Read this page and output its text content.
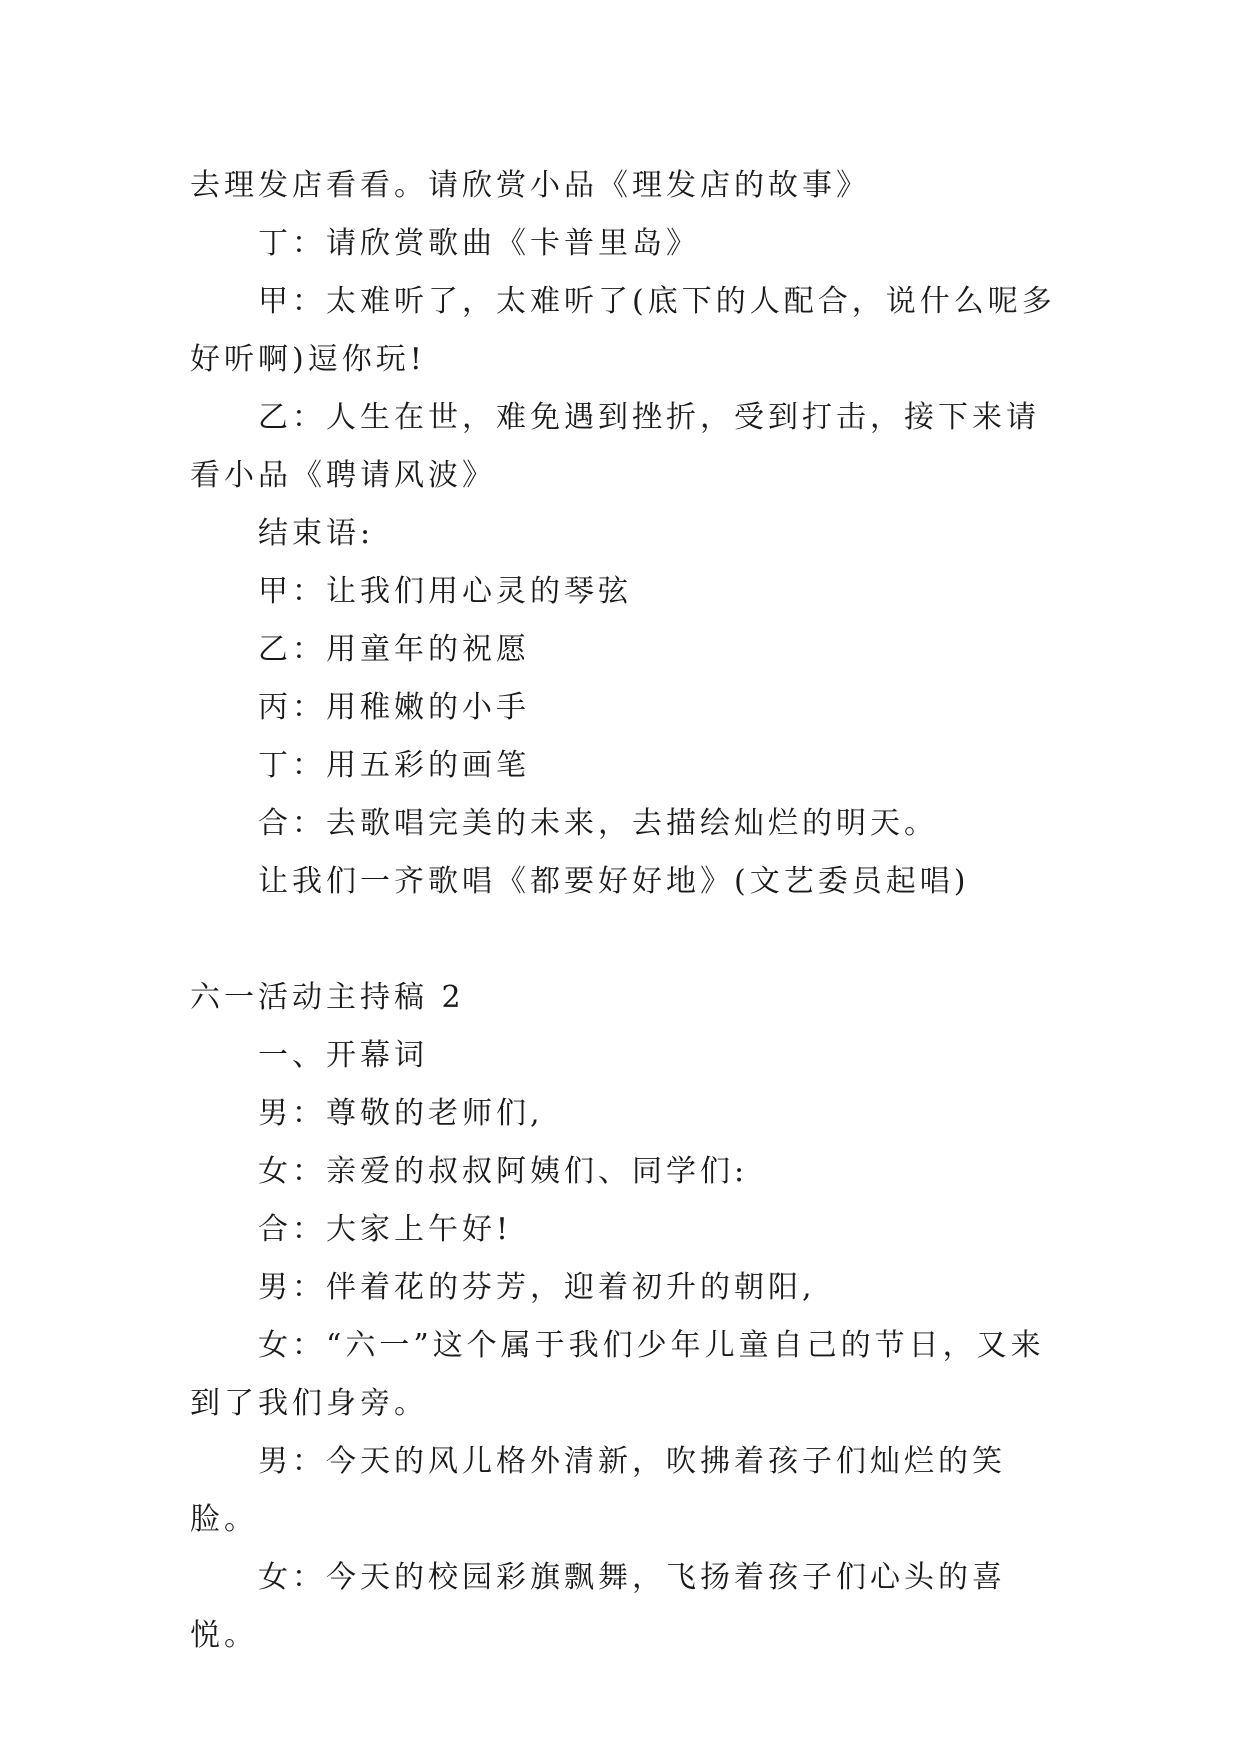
去理发店看看。请欣赏小品《理发店的故事》

丁：请欣赏歌曲《卡普里岛》

甲：太难听了，太难听了(底下的人配合，说什么呢多好听啊)逗你玩!

乙：人生在世，难免遇到挫折，受到打击，接下来请看小品《聘请风波》

结束语:

甲：让我们用心灵的琴弦

乙：用童年的祝愿

丙：用稚嫩的小手

丁：用五彩的画笔

合：去歌唱完美的未来，去描绘灿烂的明天。

让我们一齐歌唱《都要好好地》(文艺委员起唱)

六一活动主持稿 2

一、开幕词

男：尊敬的老师们,

女：亲爱的叔叔阿姨们、同学们:

合：大家上午好!

男：伴着花的芬芳，迎着初升的朝阳,

女：“六一”这个属于我们少年儿童自己的节日，又来到了我们身旁。

男：今天的风儿格外清新，吹拂着孩子们灿烂的笑脸。

女：今天的校园彩旗飘舞，飞扬着孩子们心头的喜悦。
